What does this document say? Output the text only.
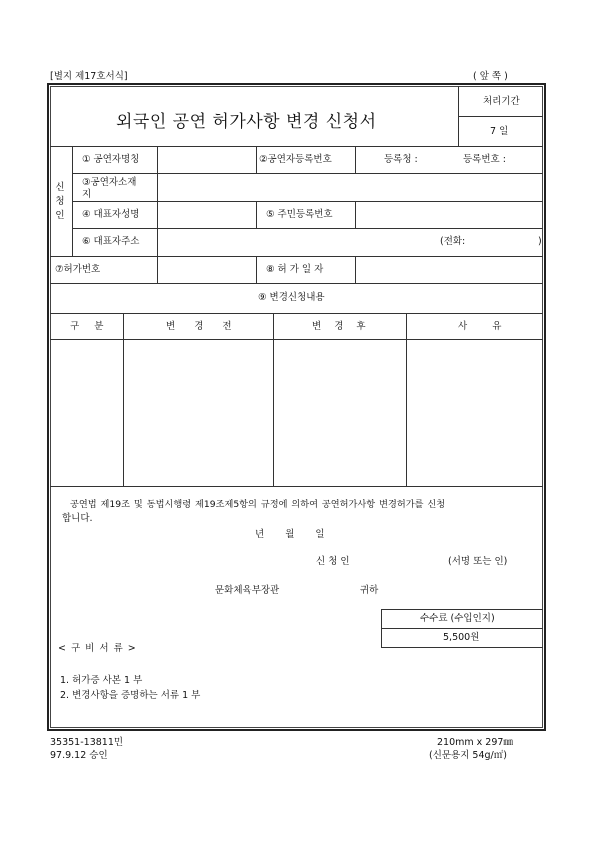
[별지 제17호서식]	( 앞 쪽 )
외국인 공연 허가사항 변경 신청서
처리기간
7 일
신
청
인
① 공연자명칭	②공연자등록번호	등록청 :	등록번호 :
③공연자소재
지
④ 대표자성명	⑤ 주민등록번호
⑥ 대표자주소	(전화:	)
⑦허가번호	⑧ 허 가 일 자
⑨ 변경신청내용
구 분	변 경 전	변 경 후	사 유
공연법 제19조 및 동법시행령 제19조제5항의 규정에 의하여 공연허가사항 변경허가를 신청
합니다.
년 월 일
신 청 인	(서명 또는 인)
문화체육부장관	귀하
수수료 (수입인지)
5,500원
< 구 비 서 류 >
1. 허가증 사본 1 부
2. 변경사항을 증명하는 서류 1 부
35351-13811민
97.9.12 승인
210mm x 297㎜
(신문용지 54g/㎡)
